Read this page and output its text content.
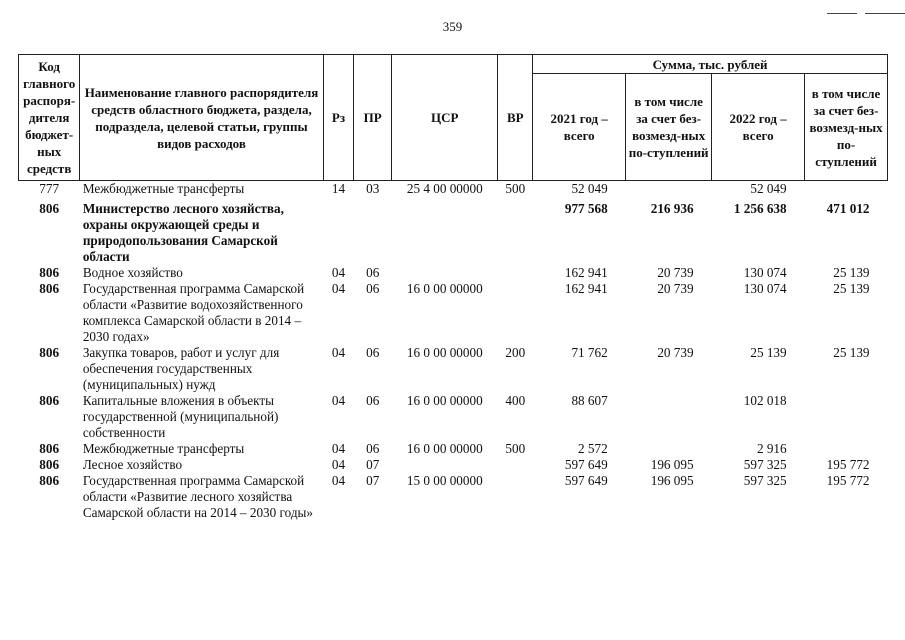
359
Код главного распоря-дителя бюджет-ных средств	Наименование главного распорядителя средств областного бюджета, раздела, подраздела, целевой статьи, группы видов расходов	Рз	ПР	ЦСР	ВР	Сумма, тыс. рублей			
						2021 год – всего	в том числе за счет без-возмезд-ных по-ступлений	2022 год – всего	в том числе за счет без-возмезд-ных по-ступлений
777	Межбюджетные трансферты	14	03	25 4 00 00000	500	52 049		52 049	
806	Министерство лесного хозяйства, охраны окружающей среды и природопользования Самарской области					977 568	216 936	1 256 638	471 012
806	Водное хозяйство	04	06			162 941	20 739	130 074	25 139
806	Государственная программа Самарской области «Развитие водохозяйственного комплекса Самарской области в 2014 – 2030 годах»	04	06	16 0 00 00000		162 941	20 739	130 074	25 139
806	Закупка товаров, работ и услуг для обеспечения государственных (муниципальных) нужд	04	06	16 0 00 00000	200	71 762	20 739	25 139	25 139
806	Капитальные вложения в объекты государственной (муниципальной) собственности	04	06	16 0 00 00000	400	88 607		102 018	
806	Межбюджетные трансферты	04	06	16 0 00 00000	500	2 572		2 916	
806	Лесное хозяйство	04	07			597 649	196 095	597 325	195 772
806	Государственная программа Самарской области «Развитие лесного хозяйства Самарской области на 2014 – 2030 годы»	04	07	15 0 00 00000		597 649	196 095	597 325	195 772
